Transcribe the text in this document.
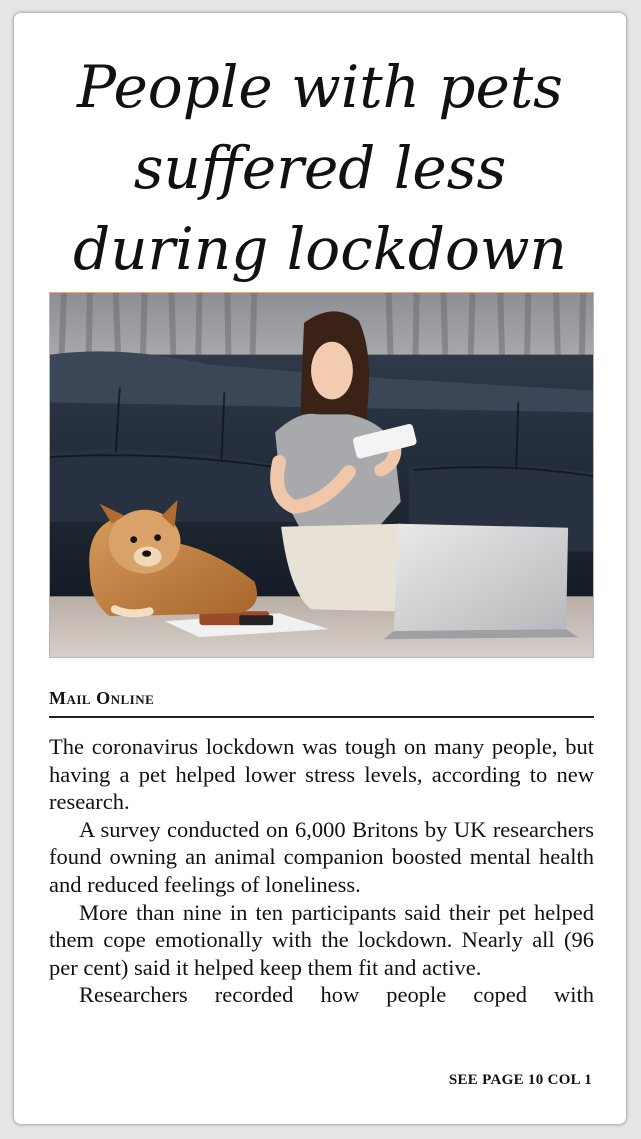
People with pets suffered less during lockdown
Mail Online

The coronavirus lockdown was tough on many people, but having a pet helped lower stress levels, according to new research.

A survey conducted on 6,000 Britons by UK researchers found owning an animal companion boosted mental health and reduced feelings of loneliness.

More than nine in ten participants said their pet helped them cope emotionally with the lockdown. Nearly all (96 per cent) said it helped keep them fit and active.

Researchers recorded how people coped with

SEE PAGE 10 COL 1
